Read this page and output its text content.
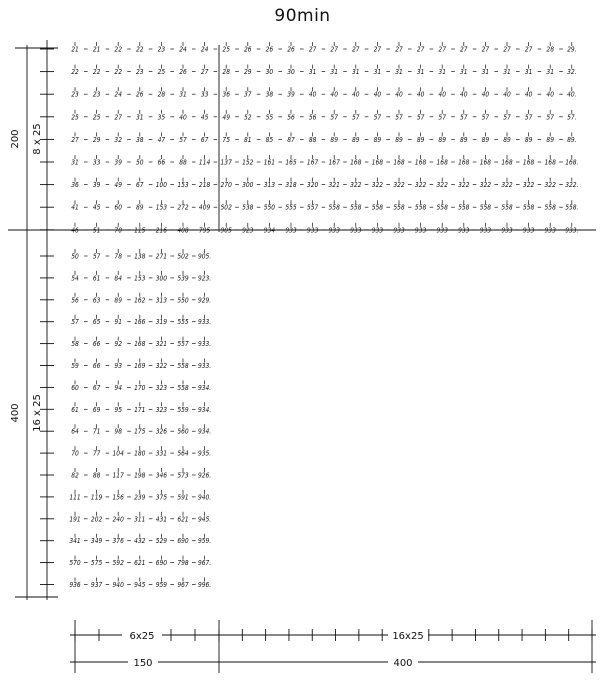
90min
200 8 x 25
400 16 x 25
21 21 22 22 23 24 24 25 26 26 26 27 27 27 27 27 27 27 27 27 27 27 28 29.
22 22 22 23 25 26 27 28 29 30 30 31 31 31 31 31 31 31 31 31 31 31 31 32.
23 23 24 26 28 31 33 36 37 38 39 40 40 40 40 40 40 40 40 40 40 40 40 40.
25 25 27 31 35 40 45 49 52 55 56 56 57 57 57 57 57 57 57 57 57 57 57 57.
27 29 32 38 47 57 67 75 81 85 87 88 89 89 89 89 89 89 89 89 89 89 89 89.
31 33 39 50 66 88 114 137 152 161 165 167 167 168 168 168 168 168 168 168 168 168 168 168.
36 39 49 67 100 153 218 270 300 313 318 320 321 322 322 322 322 322 322 322 322 322 322 322.
41 45 60 89 153 272 409 502 538 550 555 557 558 558 558 558 558 558 558 558 558 558 558 558.
46 51 70 115 216 408 795 905 923 934 933 933 933 933 933 933 933 933 933 933 933 933 933 933.
50 57 78 138 271 502 905.
54 61 84 153 300 539 923.
56 63 89 162 313 550 929.
57 65 91 166 319 555 933.
58 66 92 168 321 557 933.
59 66 93 169 322 558 933.
60 67 94 170 323 558 934.
61 69 95 171 323 559 934.
64 71 98 175 326 560 934.
70 77 104 180 331 564 935.
82 88 117 198 346 573 926.
111 119 156 239 375 591 940.
191 202 240 311 431 621 945.
341 349 376 432 529 690 959.
570 575 592 621 690 798 967.
936 937 940 945 959 967 996.
6x25	16x25
150	400
